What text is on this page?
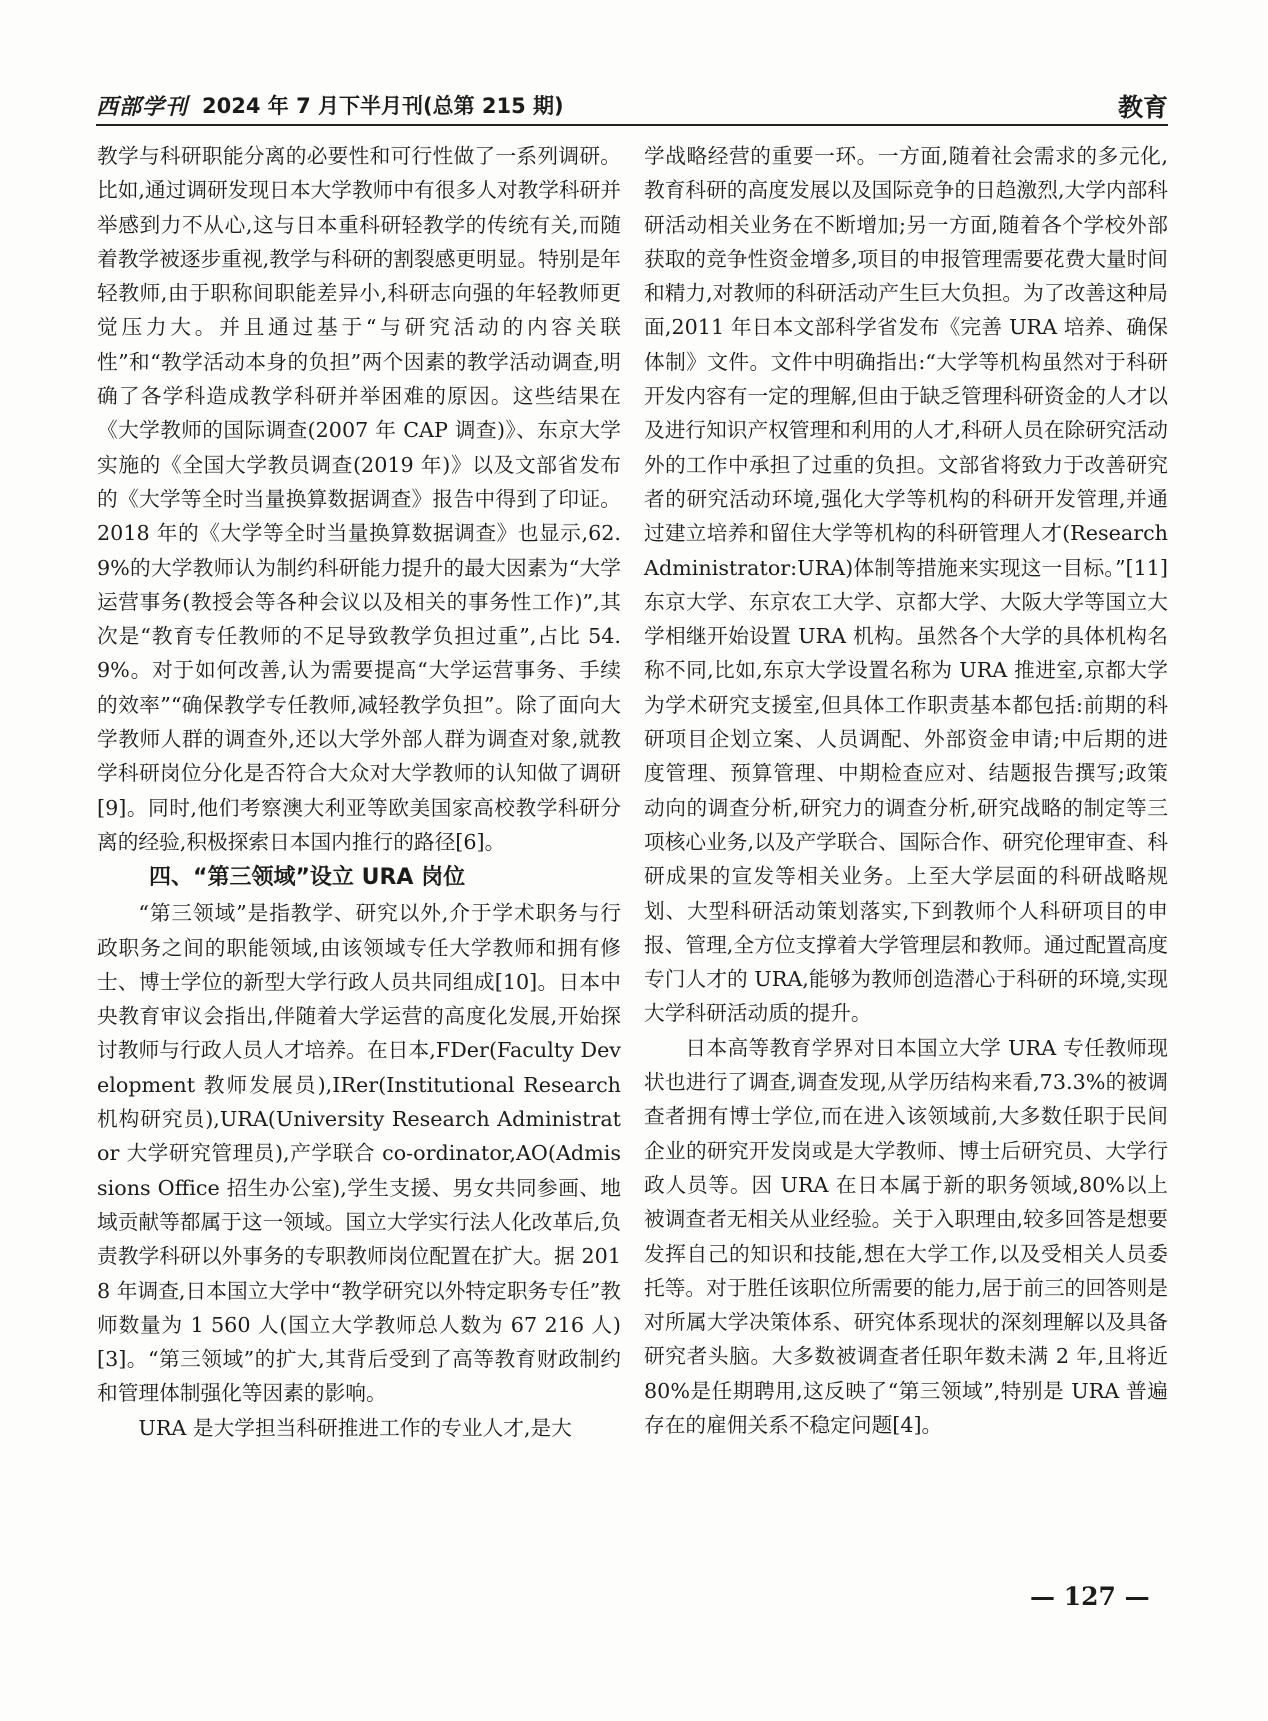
西部学刊 2024 年 7 月下半月刊(总第 215 期)	教育

教学与科研职能分离的必要性和可行性做了一系列调研。比如,通过调研发现日本大学教师中有很多人对教学科研并举感到力不从心,这与日本重科研轻教学的传统有关,而随着教学被逐步重视,教学与科研的割裂感更明显。特别是年轻教师,由于职称间职能差异小,科研志向强的年轻教师更觉压力大。并且通过基于“与研究活动的内容关联性”和“教学活动本身的负担”两个因素的教学活动调查,明确了各学科造成教学科研并举困难的原因。这些结果在《大学教师的国际调查(2007 年 CAP 调查)》、东京大学实施的《全国大学教员调查(2019 年)》以及文部省发布的《大学等全时当量换算数据调查》报告中得到了印证。2018 年的《大学等全时当量换算数据调查》也显示,62.9%的大学教师认为制约科研能力提升的最大因素为“大学运营事务(教授会等各种会议以及相关的事务性工作)”,其次是“教育专任教师的不足导致教学负担过重”,占比 54.9%。对于如何改善,认为需要提高“大学运营事务、手续的效率”“确保教学专任教师,减轻教学负担”。除了面向大学教师人群的调查外,还以大学外部人群为调查对象,就教学科研岗位分化是否符合大众对大学教师的认知做了调研[9]。同时,他们考察澳大利亚等欧美国家高校教学科研分离的经验,积极探索日本国内推行的路径[6]。

四、“第三领域”设立 URA 岗位

“第三领域”是指教学、研究以外,介于学术职务与行政职务之间的职能领域,由该领域专任大学教师和拥有修士、博士学位的新型大学行政人员共同组成[10]。日本中央教育审议会指出,伴随着大学运营的高度化发展,开始探讨教师与行政人员人才培养。在日本,FDer(Faculty Development 教师发展员),IRer(Institutional Research 机构研究员),URA(University Research Administrator 大学研究管理员),产学联合 co-ordinator,AO(Admissions Office 招生办公室),学生支援、男女共同参画、地域贡献等都属于这一领域。国立大学实行法人化改革后,负责教学科研以外事务的专职教师岗位配置在扩大。据 2018 年调查,日本国立大学中“教学研究以外特定职务专任”教师数量为 1 560 人(国立大学教师总人数为 67 216 人)[3]。“第三领域”的扩大,其背后受到了高等教育财政制约和管理体制强化等因素的影响。

URA 是大学担当科研推进工作的专业人才,是大

学战略经营的重要一环。一方面,随着社会需求的多元化,教育科研的高度发展以及国际竞争的日趋激烈,大学内部科研活动相关业务在不断增加;另一方面,随着各个学校外部获取的竞争性资金增多,项目的申报管理需要花费大量时间和精力,对教师的科研活动产生巨大负担。为了改善这种局面,2011 年日本文部科学省发布《完善 URA 培养、确保体制》文件。文件中明确指出:“大学等机构虽然对于科研开发内容有一定的理解,但由于缺乏管理科研资金的人才以及进行知识产权管理和利用的人才,科研人员在除研究活动外的工作中承担了过重的负担。文部省将致力于改善研究者的研究活动环境,强化大学等机构的科研开发管理,并通过建立培养和留住大学等机构的科研管理人才(Research Administrator:URA)体制等措施来实现这一目标。”[11] 东京大学、东京农工大学、京都大学、大阪大学等国立大学相继开始设置 URA 机构。虽然各个大学的具体机构名称不同,比如,东京大学设置名称为 URA 推进室,京都大学为学术研究支援室,但具体工作职责基本都包括:前期的科研项目企划立案、人员调配、外部资金申请;中后期的进度管理、预算管理、中期检查应对、结题报告撰写;政策动向的调查分析,研究力的调查分析,研究战略的制定等三项核心业务,以及产学联合、国际合作、研究伦理审查、科研成果的宣发等相关业务。上至大学层面的科研战略规划、大型科研活动策划落实,下到教师个人科研项目的申报、管理,全方位支撑着大学管理层和教师。通过配置高度专门人才的 URA,能够为教师创造潜心于科研的环境,实现大学科研活动质的提升。

日本高等教育学界对日本国立大学 URA 专任教师现状也进行了调查,调查发现,从学历结构来看,73.3%的被调查者拥有博士学位,而在进入该领域前,大多数任职于民间企业的研究开发岗或是大学教师、博士后研究员、大学行政人员等。因 URA 在日本属于新的职务领域,80%以上被调查者无相关从业经验。关于入职理由,较多回答是想要发挥自己的知识和技能,想在大学工作,以及受相关人员委托等。对于胜任该职位所需要的能力,居于前三的回答则是对所属大学决策体系、研究体系现状的深刻理解以及具备研究者头脑。大多数被调查者任职年数未满 2 年,且将近 80%是任期聘用,这反映了“第三领域”,特别是 URA 普遍存在的雇佣关系不稳定问题[4]。

— 127 —
